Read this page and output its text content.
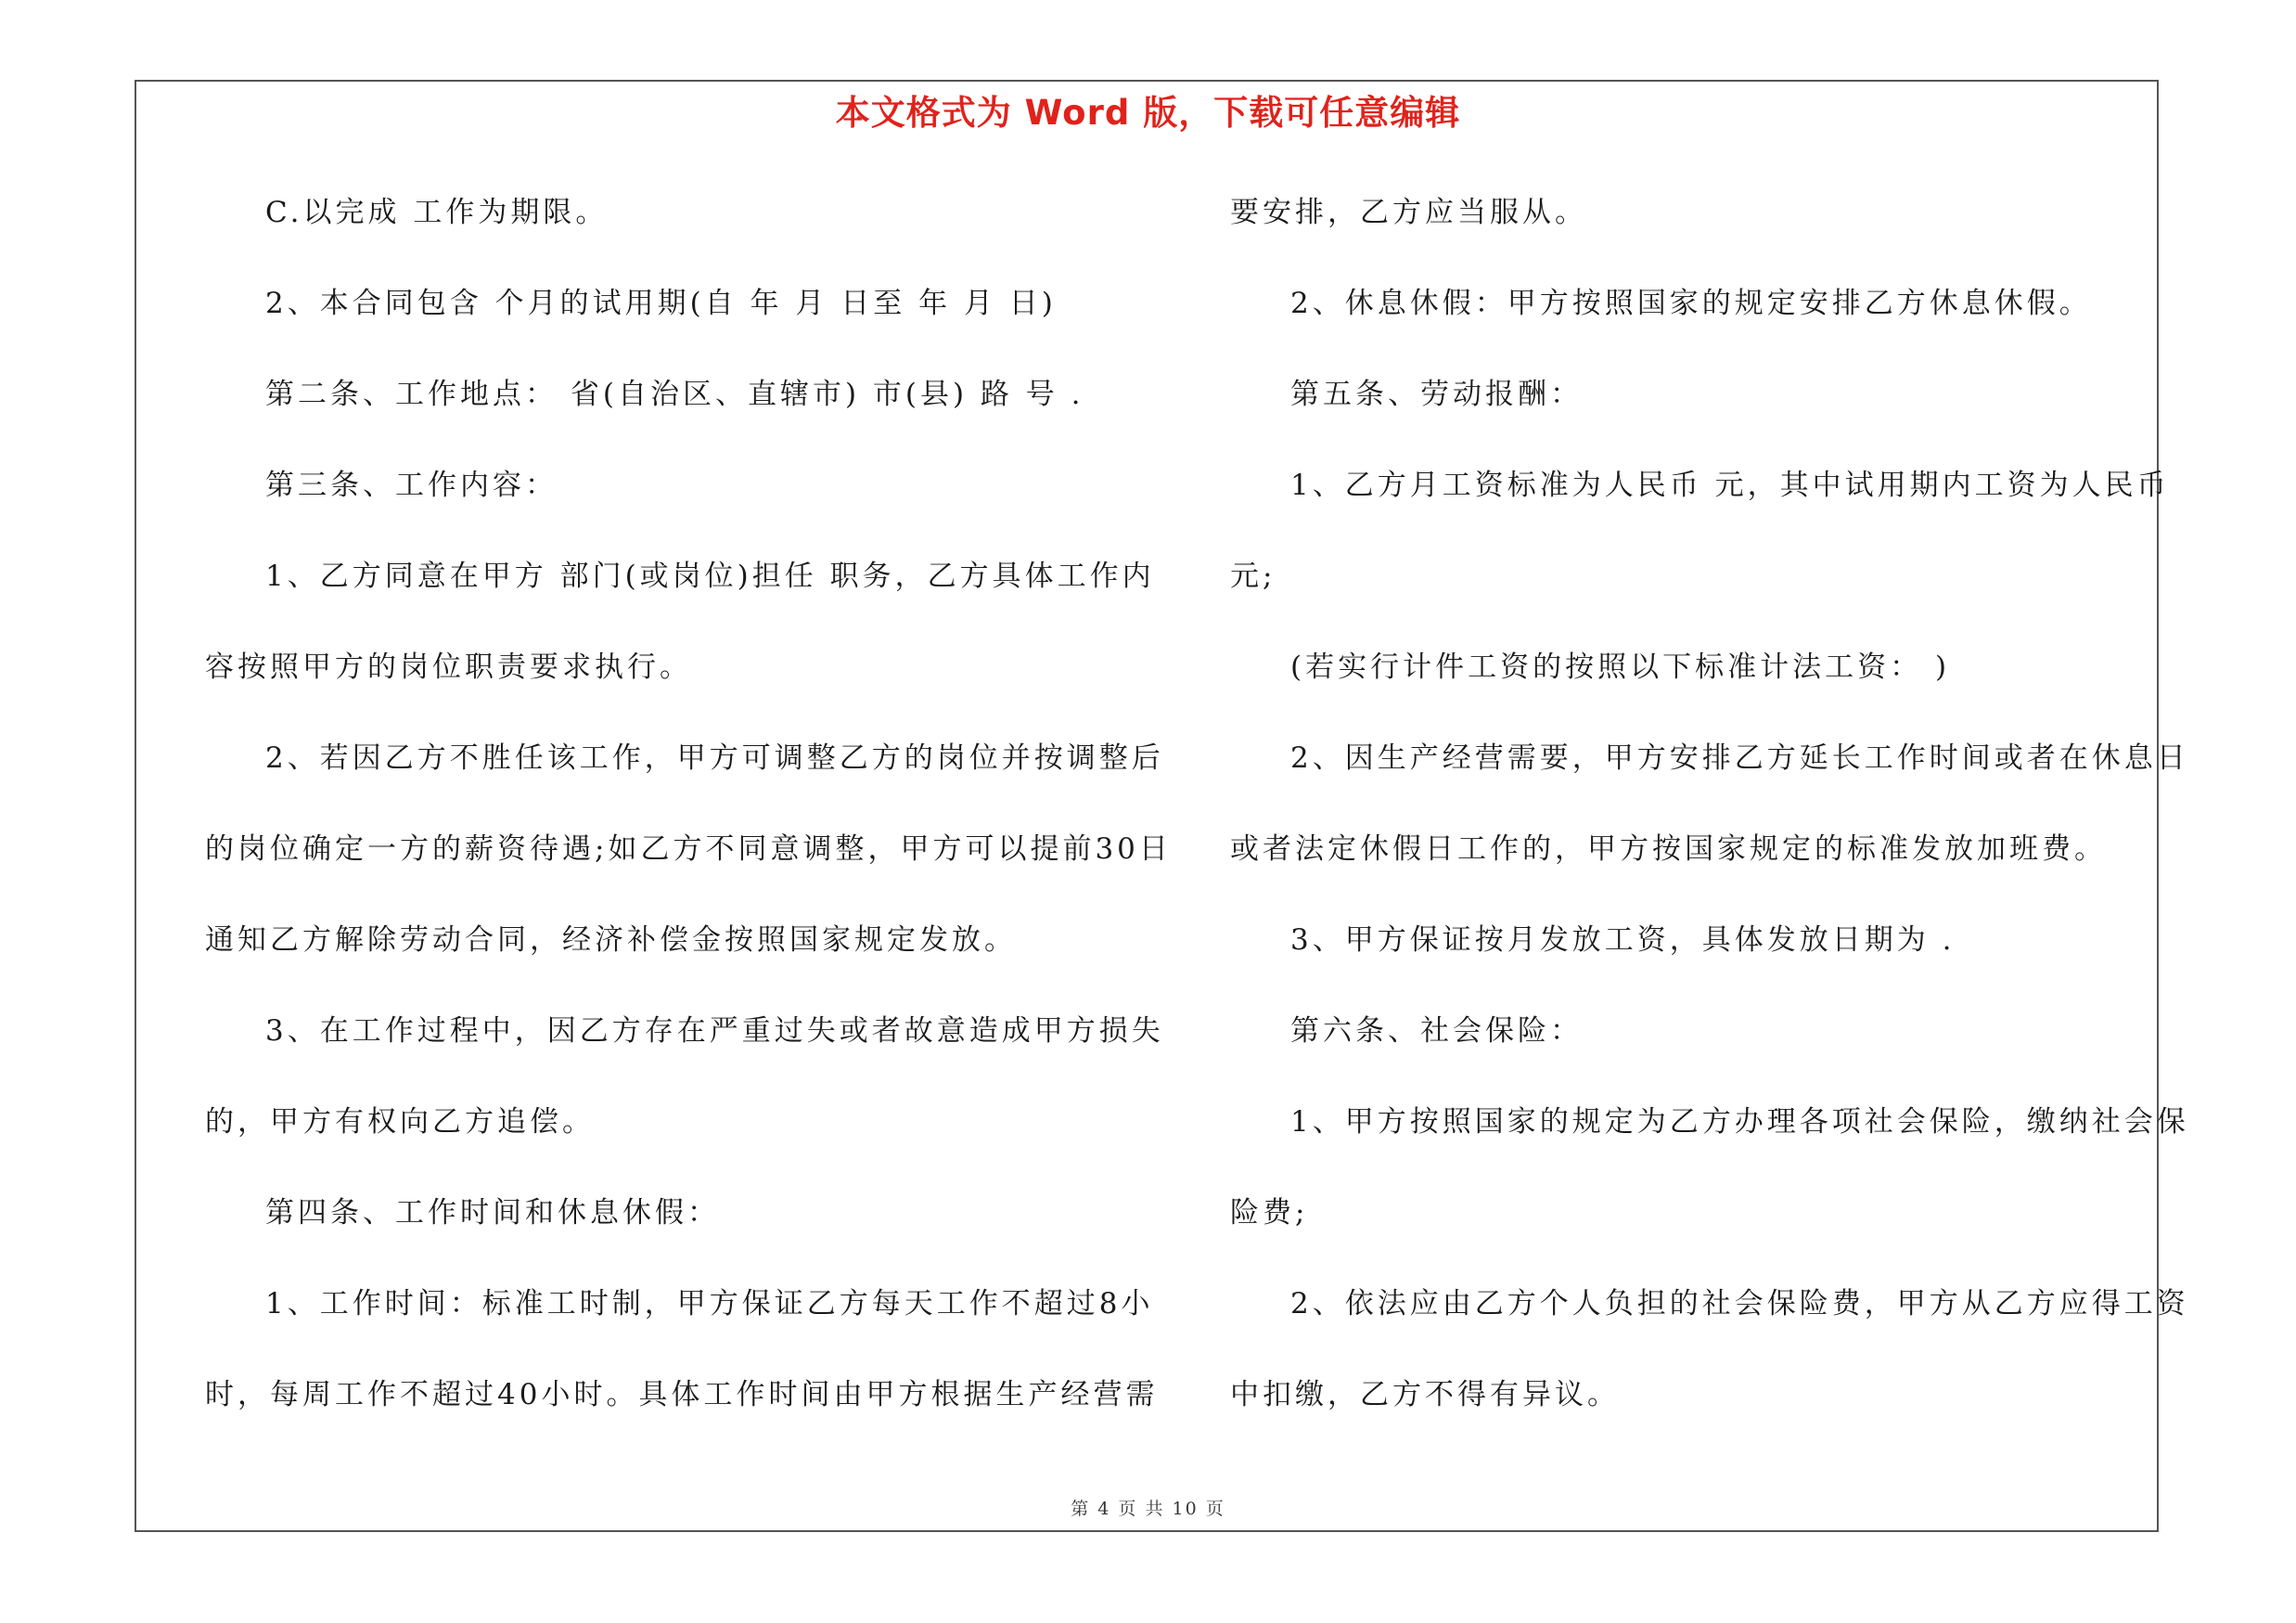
本文格式为 Word 版，下载可任意编辑
C.以完成 工作为期限。
2、本合同包含 个月的试用期(自 年 月 日至 年 月 日)
第二条、工作地点： 省(自治区、直辖市) 市(县) 路 号 .
第三条、工作内容：
1、乙方同意在甲方 部门(或岗位)担任 职务，乙方具体工作内
容按照甲方的岗位职责要求执行。
2、若因乙方不胜任该工作，甲方可调整乙方的岗位并按调整后
的岗位确定一方的薪资待遇;如乙方不同意调整，甲方可以提前30日
通知乙方解除劳动合同，经济补偿金按照国家规定发放。
3、在工作过程中，因乙方存在严重过失或者故意造成甲方损失
的，甲方有权向乙方追偿。
第四条、工作时间和休息休假：
1、工作时间：标准工时制，甲方保证乙方每天工作不超过8小
时，每周工作不超过40小时。具体工作时间由甲方根据生产经营需
要安排，乙方应当服从。
2、休息休假：甲方按照国家的规定安排乙方休息休假。
第五条、劳动报酬：
1、乙方月工资标准为人民币 元，其中试用期内工资为人民币
元;
(若实行计件工资的按照以下标准计法工资： )
2、因生产经营需要，甲方安排乙方延长工作时间或者在休息日
或者法定休假日工作的，甲方按国家规定的标准发放加班费。
3、甲方保证按月发放工资，具体发放日期为 .
第六条、社会保险：
1、甲方按照国家的规定为乙方办理各项社会保险，缴纳社会保
险费;
2、依法应由乙方个人负担的社会保险费，甲方从乙方应得工资
中扣缴，乙方不得有异议。
第 4 页 共 10 页
